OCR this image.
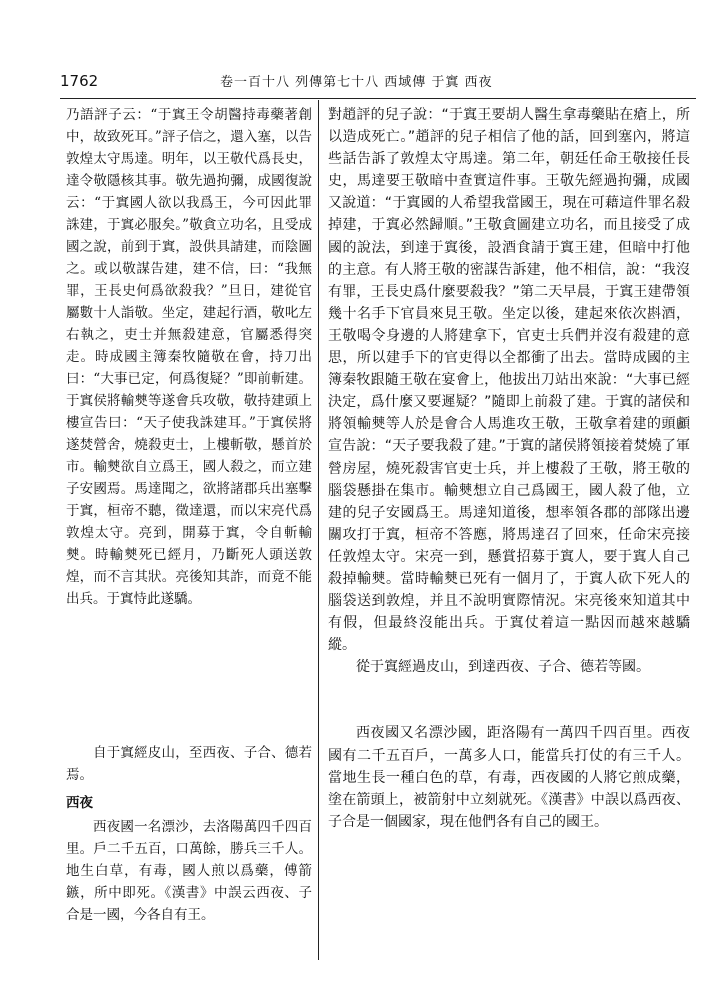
1762	卷一百十八 列傳第七十八 西域傳 于窴 西夜

乃語評子云：“于窴王令胡醫持毒藥著創中，故致死耳。”評子信之，還入塞，以告敦煌太守馬達。明年，以王敬代爲長史，達令敬隱核其事。敬先過拘彌，成國復說云：“于窴國人欲以我爲王，今可因此罪誅建，于窴必服矣。”敬貪立功名，且受成國之說，前到于窴，設供具請建，而陰圖之。或以敬謀告建，建不信，曰：“我無罪，王長史何爲欲殺我？”旦日，建從官屬數十人詣敬。坐定，建起行酒，敬叱左右執之，吏士并無殺建意，官屬悉得突走。時成國主簿秦牧隨敬在會，持刀出曰：“大事已定，何爲復疑？”即前斬建。于窴侯將輸僰等遂會兵攻敬，敬持建頭上樓宣告曰：“天子使我誅建耳。”于窴侯將遂焚營舍，燒殺吏士，上樓斬敬，懸首於市。輸僰欲自立爲王，國人殺之，而立建子安國焉。馬達聞之，欲將諸郡兵出塞擊于窴，桓帝不聽，徵達還，而以宋亮代爲敦煌太守。亮到，開募于窴，令自斬輸僰。時輸僰死已經月，乃斷死人頭送敦煌，而不言其狀。亮後知其詐，而竟不能出兵。于窴恃此遂驕。

自于窴經皮山，至西夜、子合、德若焉。

西夜

西夜國一名漂沙，去洛陽萬四千四百里。戶二千五百，口萬餘，勝兵三千人。地生白草，有毒，國人煎以爲藥，傅箭鏃，所中即死。《漢書》中誤云西夜、子合是一國，今各自有王。

對趙評的兒子說：“于窴王要胡人醫生拿毒藥貼在瘡上，所以造成死亡。”趙評的兒子相信了他的話，回到塞內，將這些話告訴了敦煌太守馬達。第二年，朝廷任命王敬接任長史，馬達要王敬暗中查實這件事。王敬先經過拘彌，成國又說道：“于窴國的人希望我當國王，現在可藉這件罪名殺掉建，于窴必然歸順。”王敬貪圖建立功名，而且接受了成國的說法，到達于窴後，設酒食請于窴王建，但暗中打他的主意。有人將王敬的密謀告訴建，他不相信，說：“我沒有罪，王長史爲什麼要殺我？”第二天早晨，于窴王建帶領幾十名手下官員來見王敬。坐定以後，建起來依次斟酒，王敬喝令身邊的人將建拿下，官吏士兵們并沒有殺建的意思，所以建手下的官吏得以全都衝了出去。當時成國的主簿秦牧跟隨王敬在宴會上，他拔出刀站出來說：“大事已經決定，爲什麼又要遲疑？”隨即上前殺了建。于窴的諸侯和將領輸僰等人於是會合人馬進攻王敬，王敬拿着建的頭顱宣告說：“天子要我殺了建。”于窴的諸侯將領接着焚燒了軍營房屋，燒死殺害官吏士兵，并上樓殺了王敬，將王敬的腦袋懸掛在集市。輸僰想立自己爲國王，國人殺了他，立建的兒子安國爲王。馬達知道後，想率領各郡的部隊出邊關攻打于窴，桓帝不答應，將馬達召了回來，任命宋亮接任敦煌太守。宋亮一到，懸賞招募于窴人，要于窴人自己殺掉輸僰。當時輸僰已死有一個月了，于窴人砍下死人的腦袋送到敦煌，并且不說明實際情況。宋亮後來知道其中有假，但最終沒能出兵。于窴仗着這一點因而越來越驕縱。

從于窴經過皮山，到達西夜、子合、德若等國。

西夜國又名漂沙國，距洛陽有一萬四千四百里。西夜國有二千五百戶，一萬多人口，能當兵打仗的有三千人。當地生長一種白色的草，有毒，西夜國的人將它煎成藥，塗在箭頭上，被箭射中立刻就死。《漢書》中誤以爲西夜、子合是一個國家，現在他們各有自己的國王。
